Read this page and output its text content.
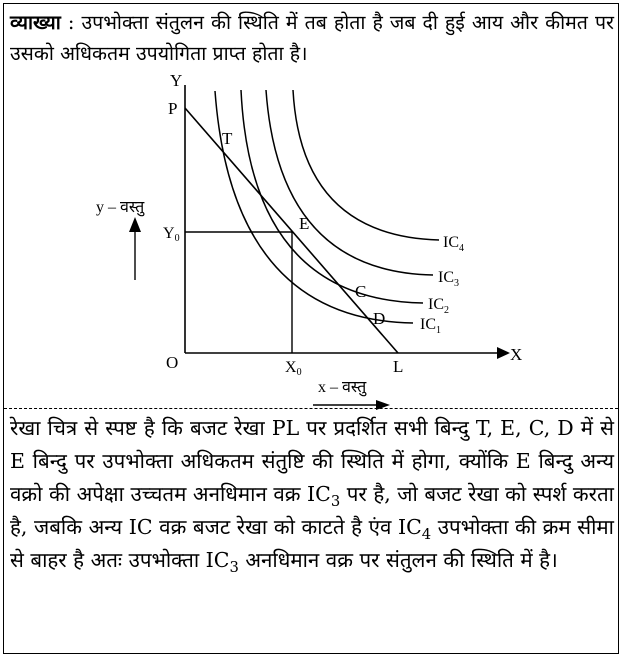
व्याख्या : उपभोक्ता संतुलन की स्थिति में तब होता है जब दी हुई आय और कीमत पर उसको अधिकतम उपयोगिता प्राप्त होता है।
Y
X
O
P
L
T
E
C
D
Y0
X0
$IC_4$
$IC_3$
$IC_2$
$IC_1$
y – वस्तु
x – वस्तु
रेखा चित्र से स्पष्ट है कि बजट रेखा PL पर प्रदर्शित सभी बिन्दु T, E, C, D में से E बिन्दु पर उपभोक्ता अधिकतम संतुष्टि की स्थिति में होगा, क्योंकि E बिन्दु अन्य वक्रो की अपेक्षा उच्चतम अनधिमान वक्र $IC_3$ पर है, जो बजट रेखा को स्पर्श करता है, जबकि अन्य IC वक्र बजट रेखा को काटते है एंव $IC_4$ उपभोक्ता की क्रम सीमा से बाहर है अतः उपभोक्ता $IC_3$ अनधिमान वक्र पर संतुलन की स्थिति में है।
